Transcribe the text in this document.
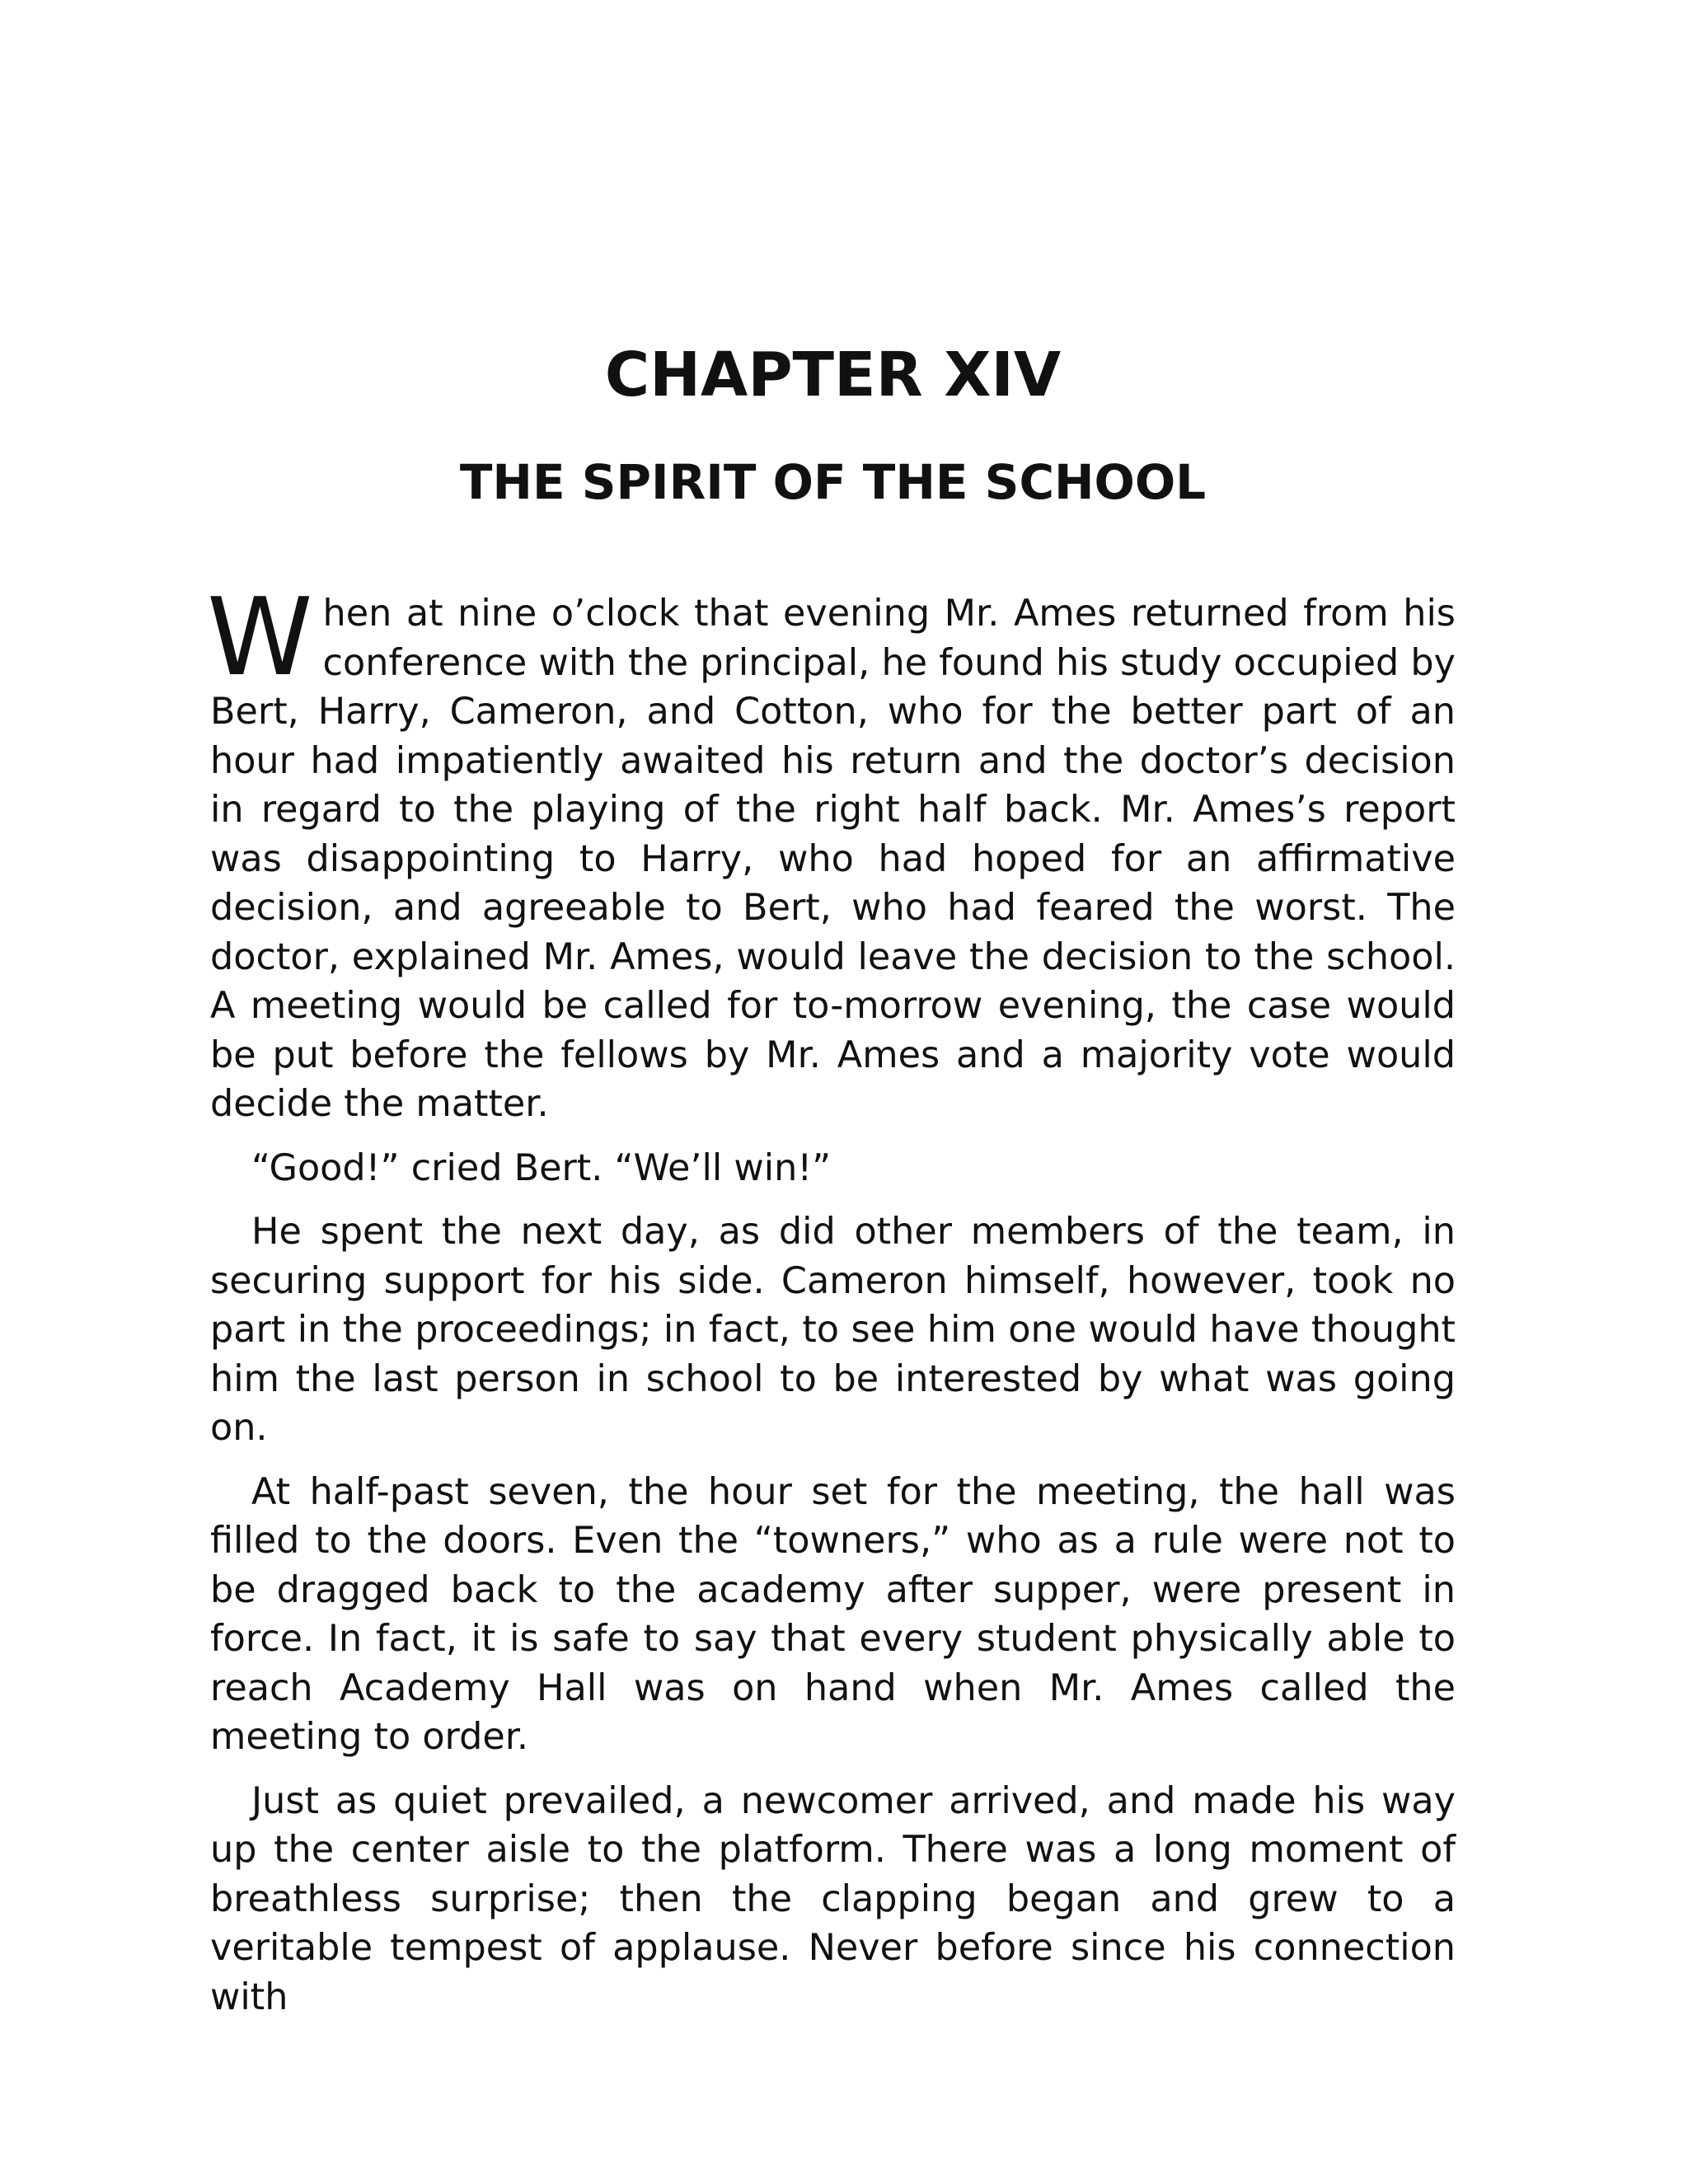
CHAPTER XIV
THE SPIRIT OF THE SCHOOL

When at nine o’clock that evening Mr. Ames returned from his conference with the principal, he found his study occupied by Bert, Harry, Cameron, and Cotton, who for the better part of an hour had impatiently awaited his return and the doctor’s decision in regard to the playing of the right half back. Mr. Ames’s report was disappointing to Harry, who had hoped for an affirmative decision, and agreeable to Bert, who had feared the worst. The doctor, explained Mr. Ames, would leave the decision to the school. A meeting would be called for to-morrow evening, the case would be put before the fellows by Mr. Ames and a majority vote would decide the matter.

“Good!” cried Bert. “We’ll win!”

He spent the next day, as did other members of the team, in securing support for his side. Cameron himself, however, took no part in the proceedings; in fact, to see him one would have thought him the last person in school to be interested by what was going on.

At half-past seven, the hour set for the meeting, the hall was filled to the doors. Even the “towners,” who as a rule were not to be dragged back to the academy after supper, were present in force. In fact, it is safe to say that every student physically able to reach Academy Hall was on hand when Mr. Ames called the meeting to order.

Just as quiet prevailed, a newcomer arrived, and made his way up the center aisle to the platform. There was a long moment of breathless surprise; then the clapping began and grew to a veritable tempest of applause. Never before since his connection with
